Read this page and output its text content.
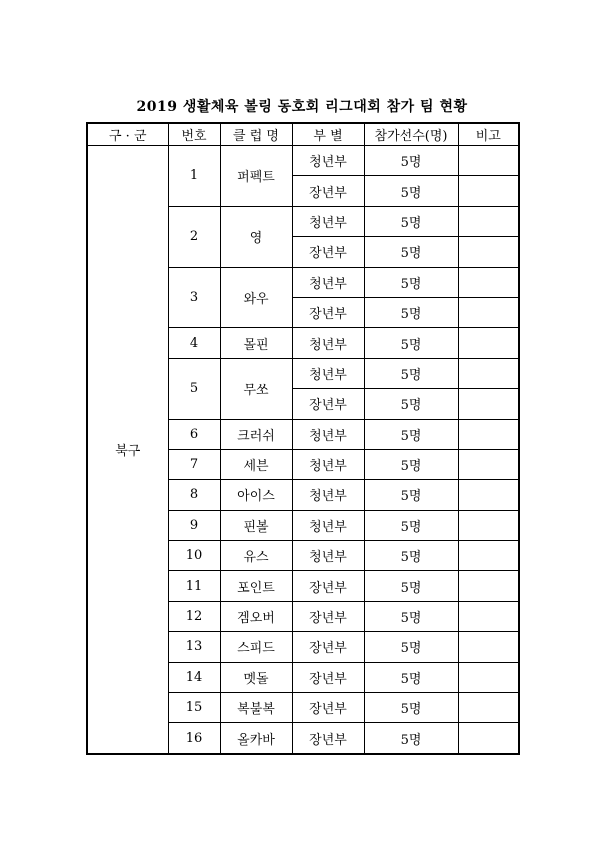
2019 생활체육 볼링 동호회 리그대회 참가 팀 현황
구 · 군	번호	클 럽 명	부 별	참가선수(명)	비고
북구	1	퍼펙트	청년부	5명	
			장년부	5명	
	2	영	청년부	5명	
			장년부	5명	
	3	와우	청년부	5명	
			장년부	5명	
	4	몰핀	청년부	5명	
	5	무쏘	청년부	5명	
			장년부	5명	
	6	크러쉬	청년부	5명	
	7	세븐	청년부	5명	
	8	아이스	청년부	5명	
	9	핀볼	청년부	5명	
	10	유스	청년부	5명	
	11	포인트	장년부	5명	
	12	겜오버	장년부	5명	
	13	스피드	장년부	5명	
	14	멧돌	장년부	5명	
	15	복불복	장년부	5명	
	16	올카바	장년부	5명	
